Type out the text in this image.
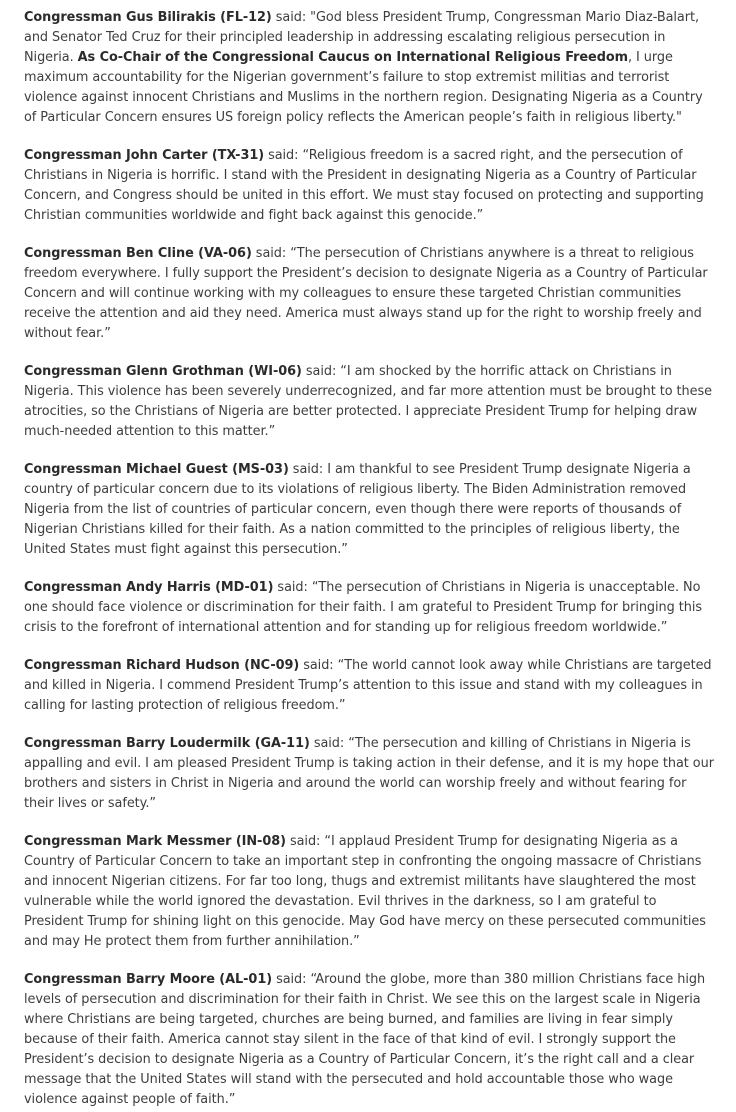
Congressman Gus Bilirakis (FL-12) said: "God bless President Trump, Congressman Mario Diaz-Balart, and Senator Ted Cruz for their principled leadership in addressing escalating religious persecution in Nigeria. As Co-Chair of the Congressional Caucus on International Religious Freedom, I urge maximum accountability for the Nigerian government’s failure to stop extremist militias and terrorist violence against innocent Christians and Muslims in the northern region. Designating Nigeria as a Country of Particular Concern ensures US foreign policy reflects the American people’s faith in religious liberty."

Congressman John Carter (TX-31) said: “Religious freedom is a sacred right, and the persecution of Christians in Nigeria is horrific. I stand with the President in designating Nigeria as a Country of Particular Concern, and Congress should be united in this effort. We must stay focused on protecting and supporting Christian communities worldwide and fight back against this genocide.”

Congressman Ben Cline (VA-06) said: “The persecution of Christians anywhere is a threat to religious freedom everywhere. I fully support the President’s decision to designate Nigeria as a Country of Particular Concern and will continue working with my colleagues to ensure these targeted Christian communities receive the attention and aid they need. America must always stand up for the right to worship freely and without fear.”

Congressman Glenn Grothman (WI-06) said: “I am shocked by the horrific attack on Christians in Nigeria. This violence has been severely underrecognized, and far more attention must be brought to these atrocities, so the Christians of Nigeria are better protected. I appreciate President Trump for helping draw much-needed attention to this matter.”

Congressman Michael Guest (MS-03) said: I am thankful to see President Trump designate Nigeria a country of particular concern due to its violations of religious liberty. The Biden Administration removed Nigeria from the list of countries of particular concern, even though there were reports of thousands of Nigerian Christians killed for their faith. As a nation committed to the principles of religious liberty, the United States must fight against this persecution.”

Congressman Andy Harris (MD-01) said: “The persecution of Christians in Nigeria is unacceptable. No one should face violence or discrimination for their faith. I am grateful to President Trump for bringing this crisis to the forefront of international attention and for standing up for religious freedom worldwide.”

Congressman Richard Hudson (NC-09) said: “The world cannot look away while Christians are targeted and killed in Nigeria. I commend President Trump’s attention to this issue and stand with my colleagues in calling for lasting protection of religious freedom.”

Congressman Barry Loudermilk (GA-11) said: “The persecution and killing of Christians in Nigeria is appalling and evil. I am pleased President Trump is taking action in their defense, and it is my hope that our brothers and sisters in Christ in Nigeria and around the world can worship freely and without fearing for their lives or safety.”

Congressman Mark Messmer (IN-08) said: “I applaud President Trump for designating Nigeria as a Country of Particular Concern to take an important step in confronting the ongoing massacre of Christians and innocent Nigerian citizens. For far too long, thugs and extremist militants have slaughtered the most vulnerable while the world ignored the devastation. Evil thrives in the darkness, so I am grateful to President Trump for shining light on this genocide. May God have mercy on these persecuted communities and may He protect them from further annihilation.”

Congressman Barry Moore (AL-01) said: “Around the globe, more than 380 million Christians face high levels of persecution and discrimination for their faith in Christ. We see this on the largest scale in Nigeria where Christians are being targeted, churches are being burned, and families are living in fear simply because of their faith. America cannot stay silent in the face of that kind of evil. I strongly support the President’s decision to designate Nigeria as a Country of Particular Concern, it’s the right call and a clear message that the United States will stand with the persecuted and hold accountable those who wage violence against people of faith.”
